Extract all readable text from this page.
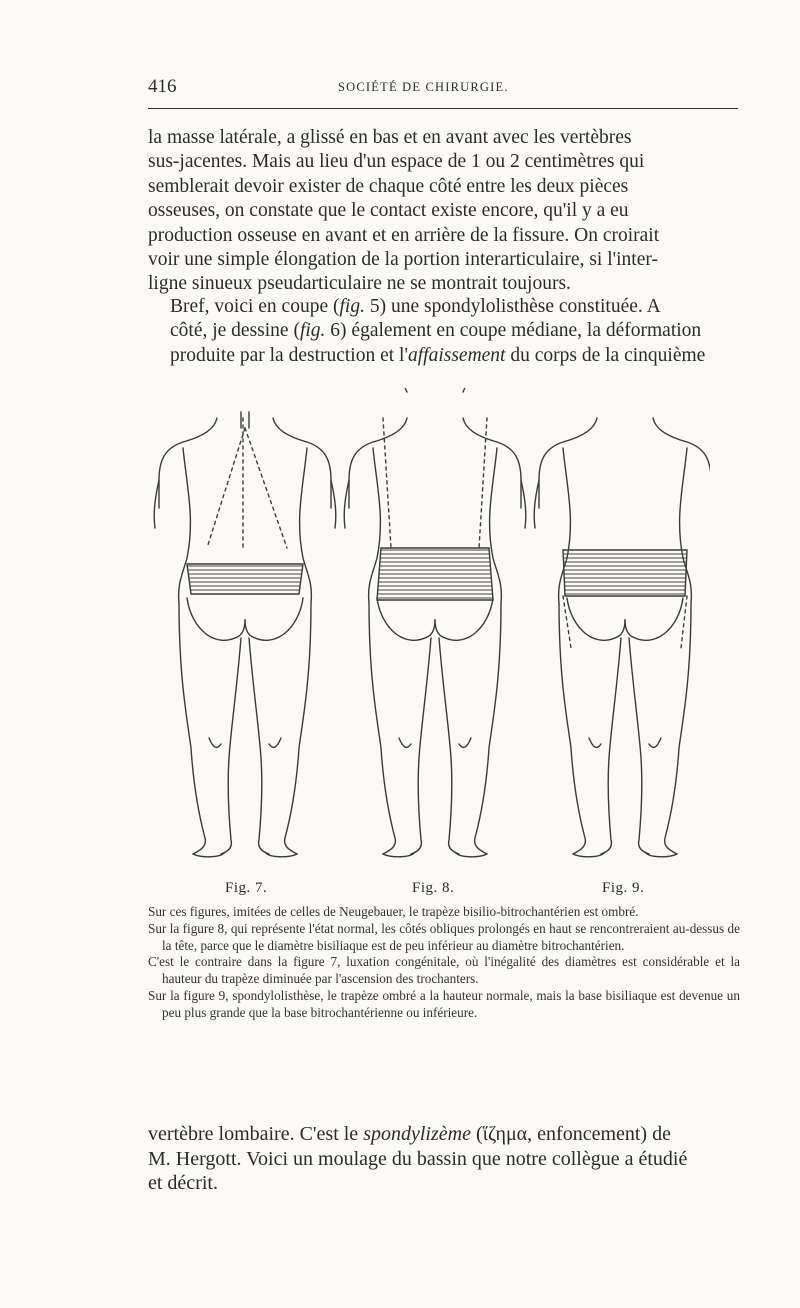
416	SOCIÉTÉ DE CHIRURGIE.

la masse latérale, a glissé en bas et en avant avec les vertèbres
sus-jacentes. Mais au lieu d'un espace de 1 ou 2 centimètres qui
semblerait devoir exister de chaque côté entre les deux pièces
osseuses, on constate que le contact existe encore, qu'il y a eu
production osseuse en avant et en arrière de la fissure. On croirait
voir une simple élongation de la portion interarticulaire, si l'inter-
ligne sinueux pseudarticulaire ne se montrait toujours.

Bref, voici en coupe (fig. 5) une spondylolisthèse constituée. A
côté, je dessine (fig. 6) également en coupe médiane, la déformation
produite par la destruction et l'affaissement du corps de la cinquième

Fig. 7.	Fig. 8.	Fig. 9.

Sur ces figures, imitées de celles de Neugebauer, le trapèze bisilio-bitrochantérien est ombré.

Sur la figure 8, qui représente l'état normal, les côtés obliques prolongés en haut se rencontreraient au-dessus de la tête, parce que le diamètre bisiliaque est de peu inférieur au diamètre bitrochantérien.

C'est le contraire dans la figure 7, luxation congénitale, où l'inégalité des diamètres est considérable et la hauteur du trapèze diminuée par l'ascension des trochanters.

Sur la figure 9, spondylolisthèse, le trapèze ombré a la hauteur normale, mais la base bisiliaque est devenue un peu plus grande que la base bitrochantérienne ou inférieure.

vertèbre lombaire. C'est le spondylizème (ἵζημα, enfoncement) de
M. Hergott. Voici un moulage du bassin que notre collègue a étudié
et décrit.
